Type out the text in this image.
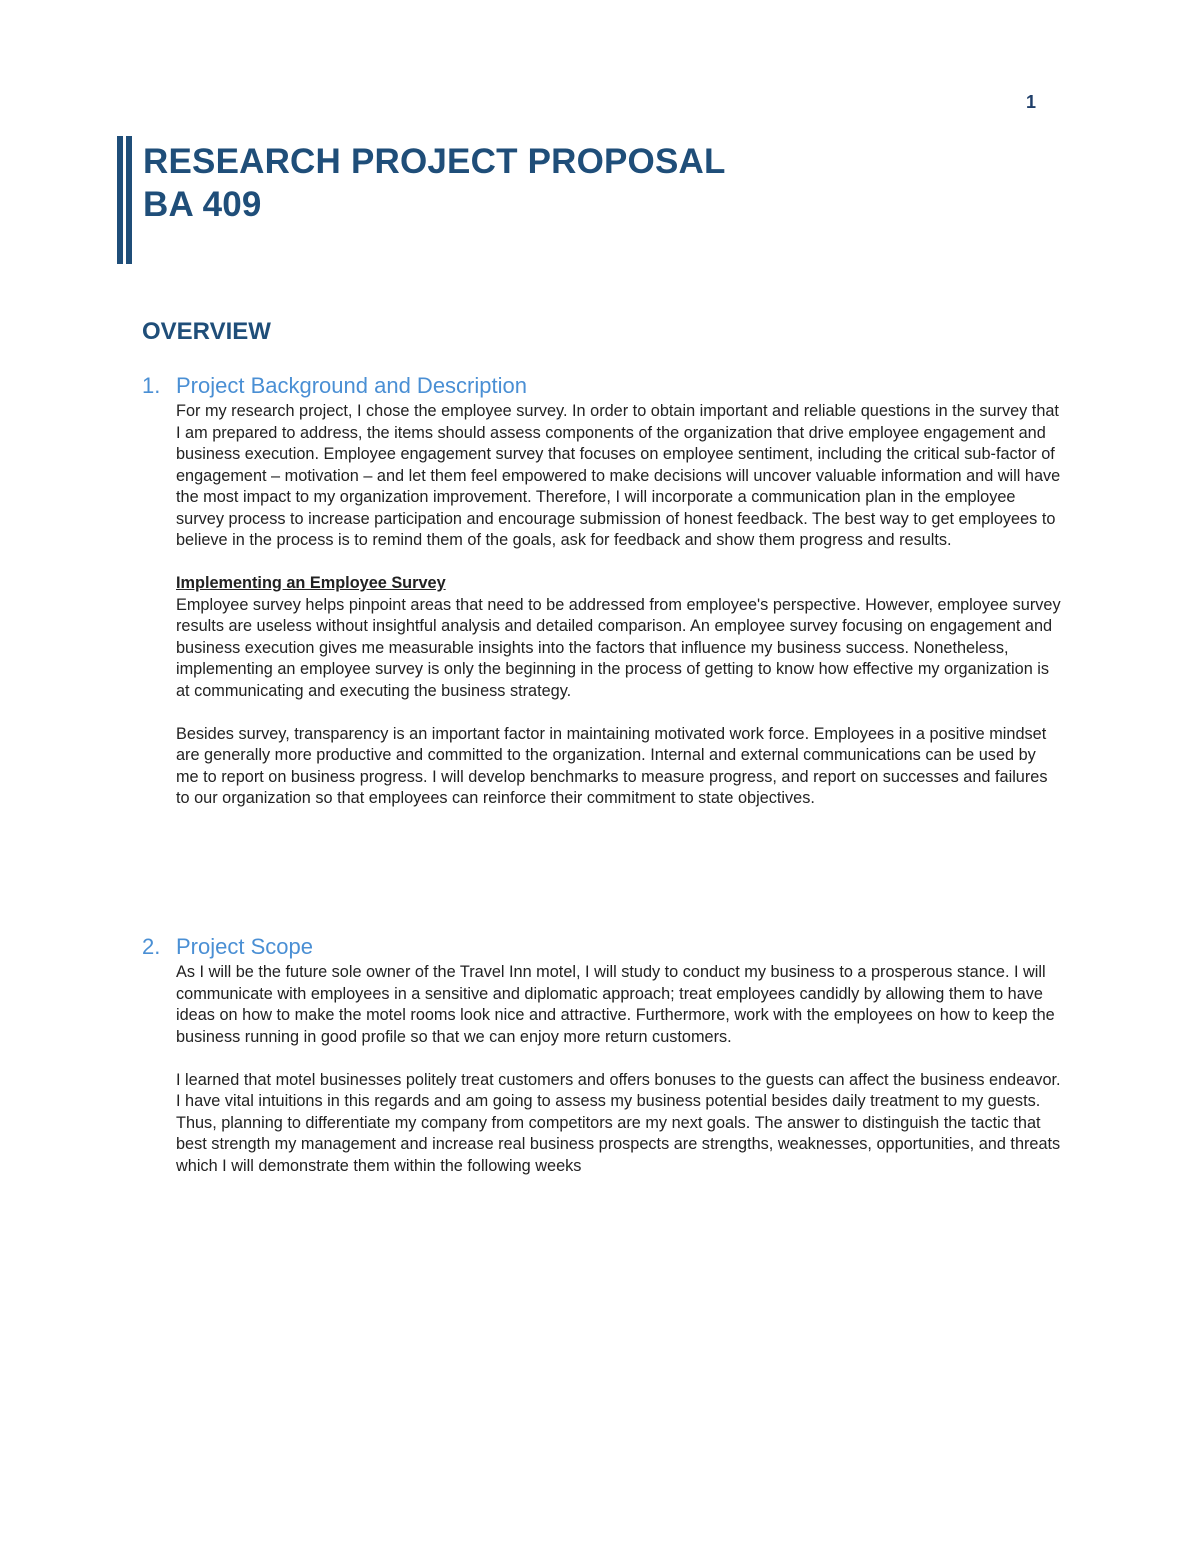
1
RESEARCH PROJECT PROPOSAL
BA 409
OVERVIEW
1. Project Background and Description

For my research project, I chose the employee survey. In order to obtain important and reliable questions in the survey that I am prepared to address, the items should assess components of the organization that drive employee engagement and business execution. Employee engagement survey that focuses on employee sentiment, including the critical sub-factor of engagement – motivation – and let them feel empowered to make decisions will uncover valuable information and will have the most impact to my organization improvement. Therefore, I will incorporate a communication plan in the employee survey process to increase participation and encourage submission of honest feedback. The best way to get employees to believe in the process is to remind them of the goals, ask for feedback and show them progress and results.

Implementing an Employee Survey

Employee survey helps pinpoint areas that need to be addressed from employee's perspective. However, employee survey results are useless without insightful analysis and detailed comparison. An employee survey focusing on engagement and business execution gives me measurable insights into the factors that influence my business success. Nonetheless, implementing an employee survey is only the beginning in the process of getting to know how effective my organization is at communicating and executing the business strategy.

Besides survey, transparency is an important factor in maintaining motivated work force. Employees in a positive mindset are generally more productive and committed to the organization. Internal and external communications can be used by me to report on business progress. I will develop benchmarks to measure progress, and report on successes and failures to our organization so that employees can reinforce their commitment to state objectives.

2. Project Scope

As I will be the future sole owner of the Travel Inn motel, I will study to conduct my business to a prosperous stance. I will communicate with employees in a sensitive and diplomatic approach; treat employees candidly by allowing them to have ideas on how to make the motel rooms look nice and attractive. Furthermore, work with the employees on how to keep the business running in good profile so that we can enjoy more return customers.

I learned that motel businesses politely treat customers and offers bonuses to the guests can affect the business endeavor. I have vital intuitions in this regards and am going to assess my business potential besides daily treatment to my guests. Thus, planning to differentiate my company from competitors are my next goals. The answer to distinguish the tactic that best strength my management and increase real business prospects are strengths, weaknesses, opportunities, and threats which I will demonstrate them within the following weeks
